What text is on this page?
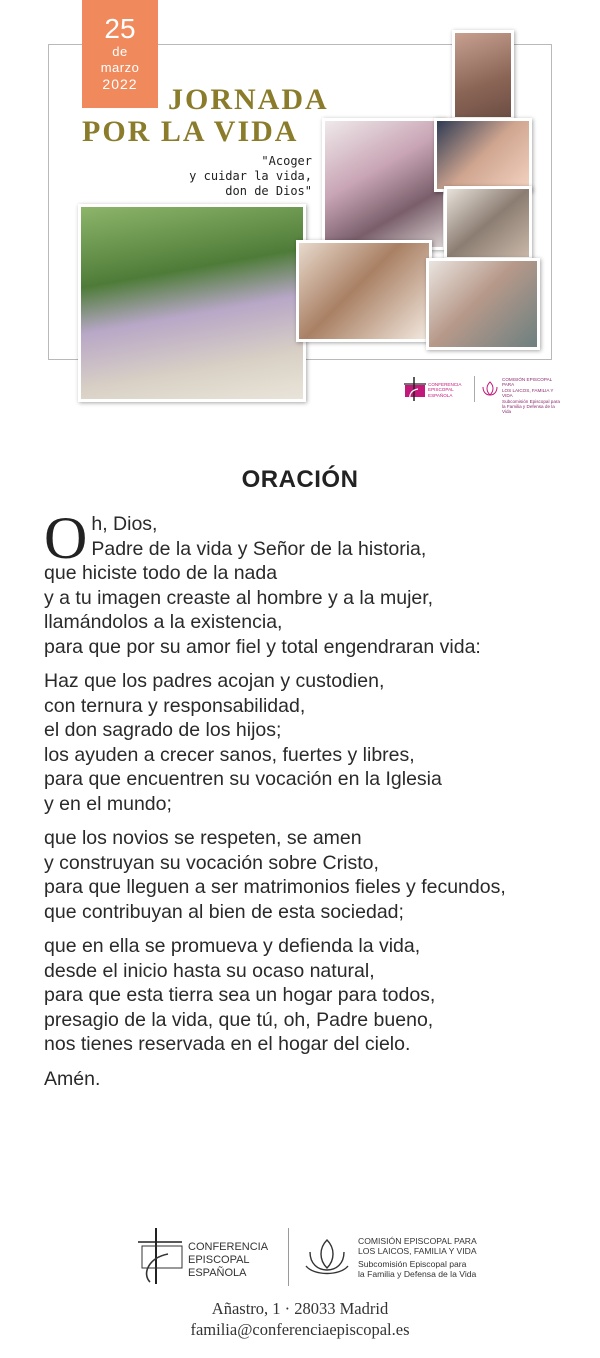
25
de
marzo
2022	JORNADA
POR LA VIDA
"Acoger
y cuidar la vida,
don de Dios"
CONFERENCIA
EPISCOPAL
ESPAÑOLA
COMISIÓN EPISCOPAL PARA
LOS LAICOS, FAMILIA Y VIDA
Subcomisión Episcopal para
la Familia y Defensa de la Vida
ORACIÓN

O h, Dios,
Padre de la vida y Señor de la historia,
que hiciste todo de la nada
y a tu imagen creaste al hombre y a la mujer,
llamándolos a la existencia,
para que por su amor fiel y total engendraran vida:

Haz que los padres acojan y custodien,
con ternura y responsabilidad,
el don sagrado de los hijos;
los ayuden a crecer sanos, fuertes y libres,
para que encuentren su vocación en la Iglesia
y en el mundo;

que los novios se respeten, se amen
y construyan su vocación sobre Cristo,
para que lleguen a ser matrimonios fieles y fecundos,
que contribuyan al bien de esta sociedad;

que en ella se promueva y defienda la vida,
desde el inicio hasta su ocaso natural,
para que esta tierra sea un hogar para todos,
presagio de la vida, que tú, oh, Padre bueno,
nos tienes reservada en el hogar del cielo.

Amén.

CONFERENCIA
EPISCOPAL
ESPAÑOLA
COMISIÓN EPISCOPAL PARA
LOS LAICOS, FAMILIA Y VIDA
Subcomisión Episcopal para
la Familia y Defensa de la Vida
Añastro, 1 · 28033 Madrid
familia@conferenciaepiscopal.es
